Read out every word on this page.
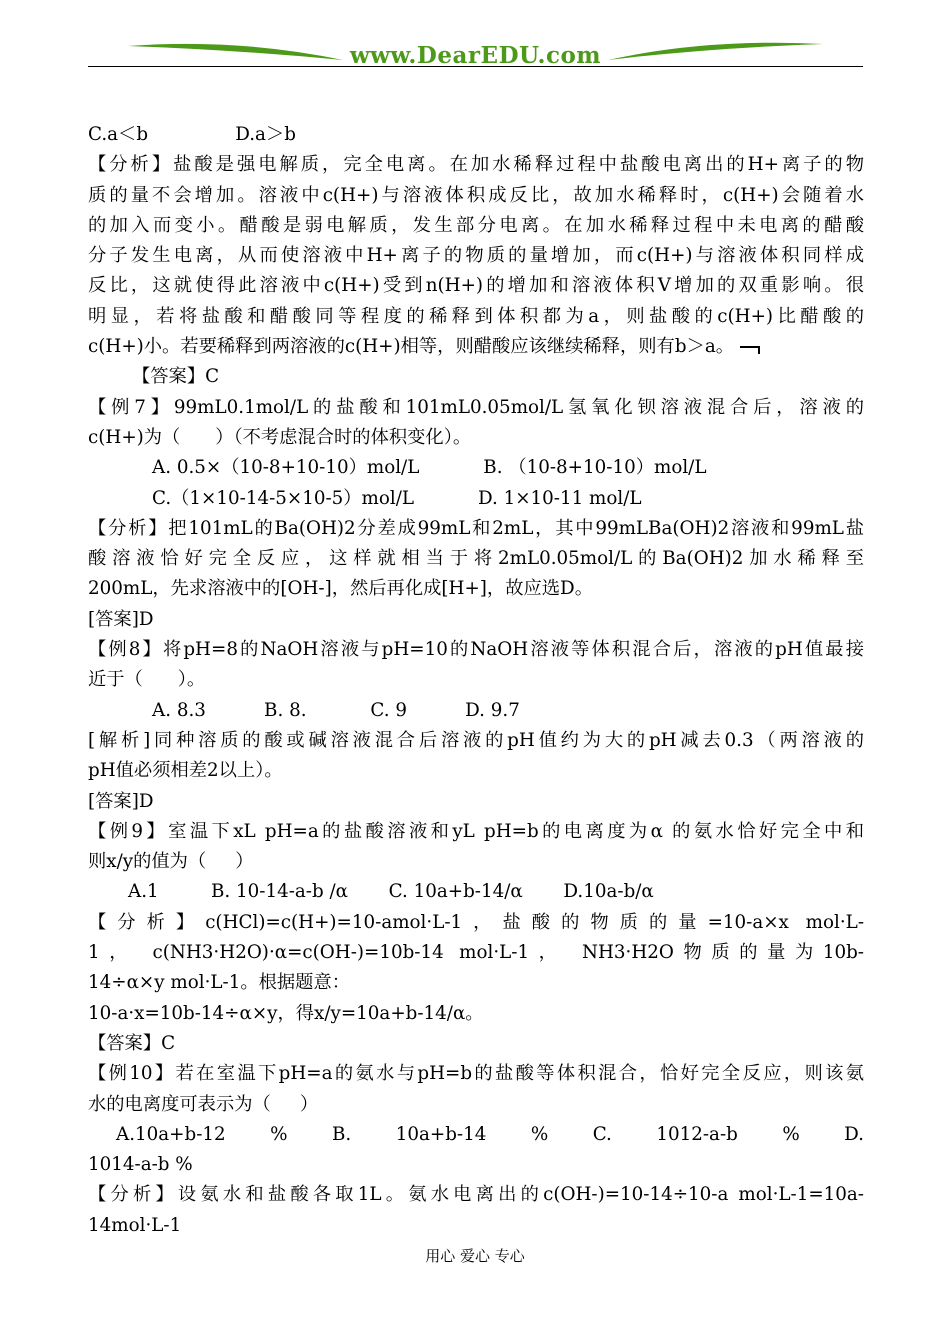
www.DearEDU.com
C.a＜b               D.a＞b
【分析】盐酸是强电解质，完全电离。在加水稀释过程中盐酸电离出的H+离子的物
质的量不会增加。溶液中c(H+)与溶液体积成反比，故加水稀释时，c(H+)会随着水
的加入而变小。醋酸是弱电解质，发生部分电离。在加水稀释过程中未电离的醋酸
分子发生电离，从而使溶液中H+离子的物质的量增加，而c(H+)与溶液体积同样成
反比，这就使得此溶液中c(H+)受到n(H+)的增加和溶液体积V增加的双重影响。很
明显，若将盐酸和醋酸同等程度的稀释到体积都为a，则盐酸的c(H+)比醋酸的
c(H+)小。若要稀释到两溶液的c(H+)相等，则醋酸应该继续稀释，则有b＞a。
【答案】C
【例7】99mL0.1mol/L的盐酸和101mL0.05mol/L氢氧化钡溶液混合后，溶液的
c(H+)为（      ）（不考虑混合时的体积变化）。
A. 0.5×（10-8+10-10）mol/L           B. （10-8+10-10）mol/L
C.（1×10-14-5×10-5）mol/L           D. 1×10-11 mol/L
【分析】把101mL的Ba(OH)2分差成99mL和2mL，其中99mLBa(OH)2溶液和99mL盐
酸溶液恰好完全反应，这样就相当于将2mL0.05mol/L的Ba(OH)2加水稀释至
200mL，先求溶液中的[OH-]，然后再化成[H+]，故应选D。
[答案]D
【例8】将pH=8的NaOH溶液与pH=10的NaOH溶液等体积混合后，溶液的pH值最接
近于（      ）。
A. 8.3          B. 8.           C. 9          D. 9.7
[解析]同种溶质的酸或碱溶液混合后溶液的pH值约为大的pH减去0.3（两溶液的
pH值必须相差2以上）。
[答案]D
【例9】室温下xL pH=a的盐酸溶液和yL pH=b的电离度为α 的氨水恰好完全中和
则x/y的值为（     ）
A.1         B. 10-14-a-b /α       C. 10a+b-14/α       D.10a-b/α
【分析】c(HCl)=c(H+)=10-amol·L-1，盐酸的物质的量=10-a×x mol·L-
1， c(NH3·H2O)·α=c(OH-)=10b-14 mol·L-1， NH3·H2O物质的量为10b-
14÷α×y mol·L-1。根据题意：
10-a·x=10b-14÷α×y，得x/y=10a+b-14/α。
【答案】C
【例10】若在室温下pH=a的氨水与pH=b的盐酸等体积混合，恰好完全反应，则该氨
水的电离度可表示为（     ）
A.10a+b-12 % B. 10a+b-14 % C. 1012-a-b % D.
1014-a-b %
【分析】设氨水和盐酸各取1L。氨水电离出的c(OH-)=10-14÷10-a mol·L-1=10a-
14mol·L-1
用心 爱心 专心
